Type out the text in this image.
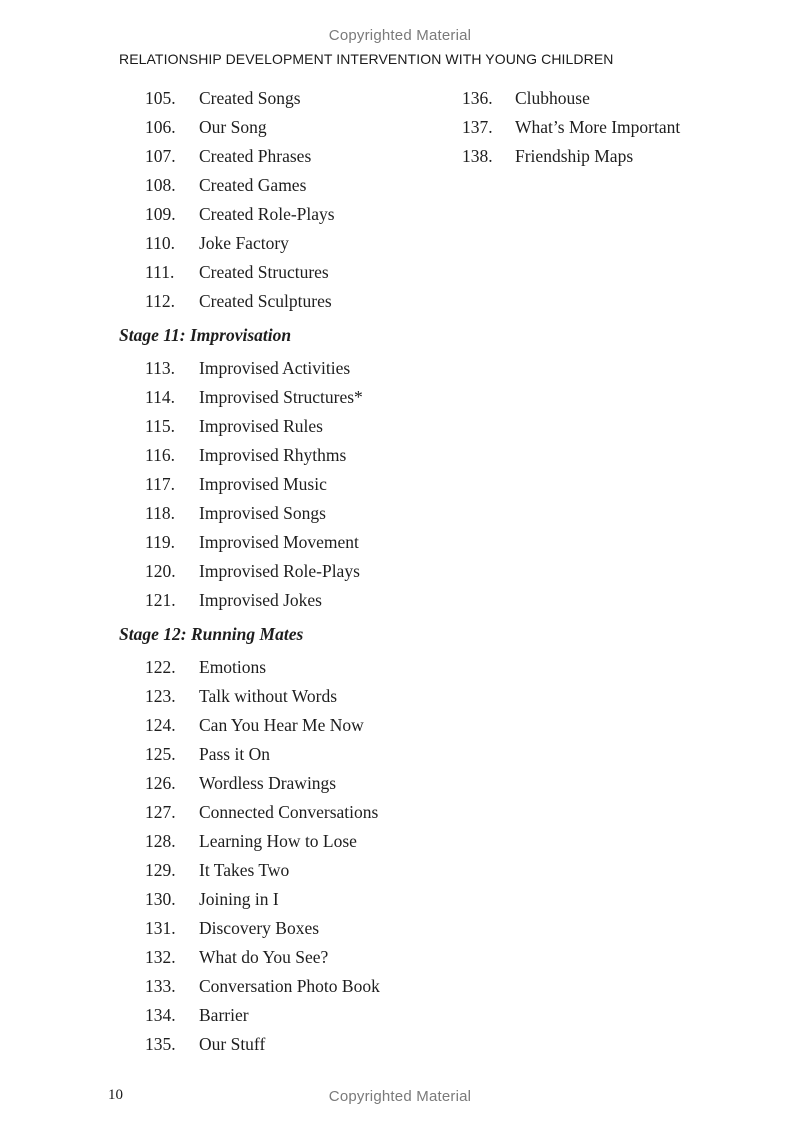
Copyrighted Material
RELATIONSHIP DEVELOPMENT INTERVENTION WITH YOUNG CHILDREN
105. Created Songs
106. Our Song
107. Created Phrases
108. Created Games
109. Created Role-Plays
110. Joke Factory
111. Created Structures
112. Created Sculptures
Stage 11: Improvisation
113. Improvised Activities
114. Improvised Structures*
115. Improvised Rules
116. Improvised Rhythms
117. Improvised Music
118. Improvised Songs
119. Improvised Movement
120. Improvised Role-Plays
121. Improvised Jokes
Stage 12: Running Mates
122. Emotions
123. Talk without Words
124. Can You Hear Me Now
125. Pass it On
126. Wordless Drawings
127. Connected Conversations
128. Learning How to Lose
129. It Takes Two
130. Joining in I
131. Discovery Boxes
132. What do You See?
133. Conversation Photo Book
134. Barrier
135. Our Stuff
136. Clubhouse
137. What’s More Important
138. Friendship Maps
10	Copyrighted Material
